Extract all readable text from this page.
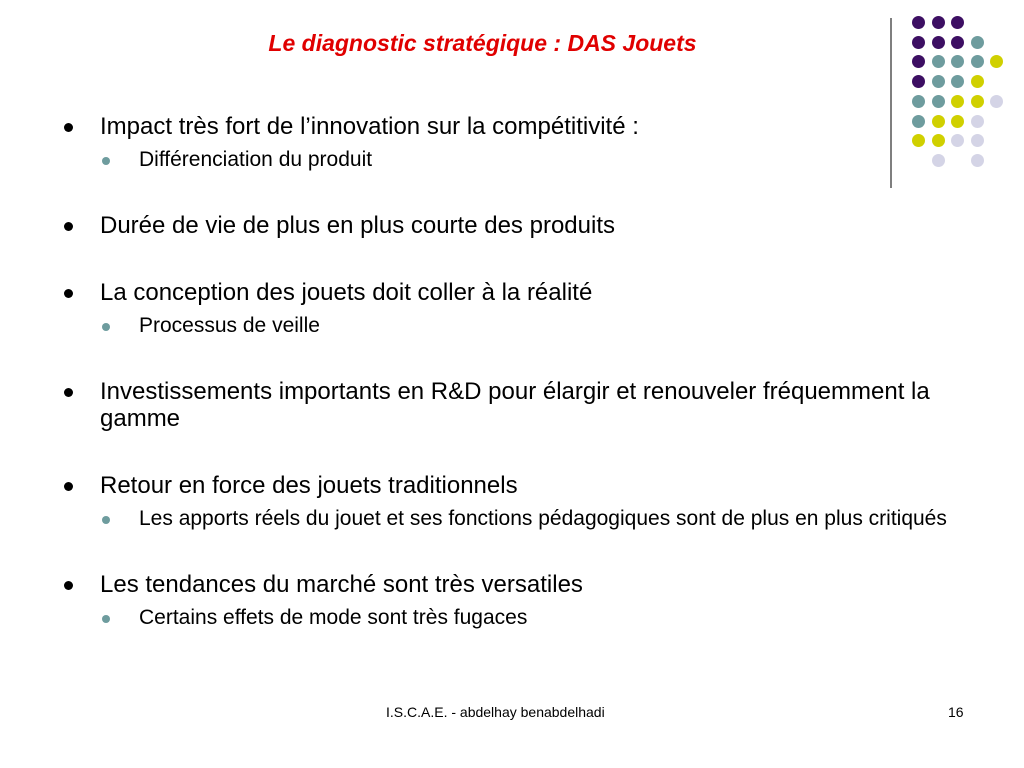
Le diagnostic stratégique : DAS Jouets
Impact très fort de l’innovation sur la compétitivité :
Différenciation du produit
Durée de vie de plus en plus courte des produits
La conception des jouets doit coller à la réalité
Processus de veille
Investissements importants en R&D pour élargir et renouveler fréquemment la gamme
Retour en force des jouets traditionnels
Les apports réels du jouet et ses fonctions pédagogiques sont de plus en plus critiqués
Les tendances du marché sont très versatiles
Certains effets de mode sont très fugaces
I.S.C.A.E. - abdelhay benabdelhadi	16
